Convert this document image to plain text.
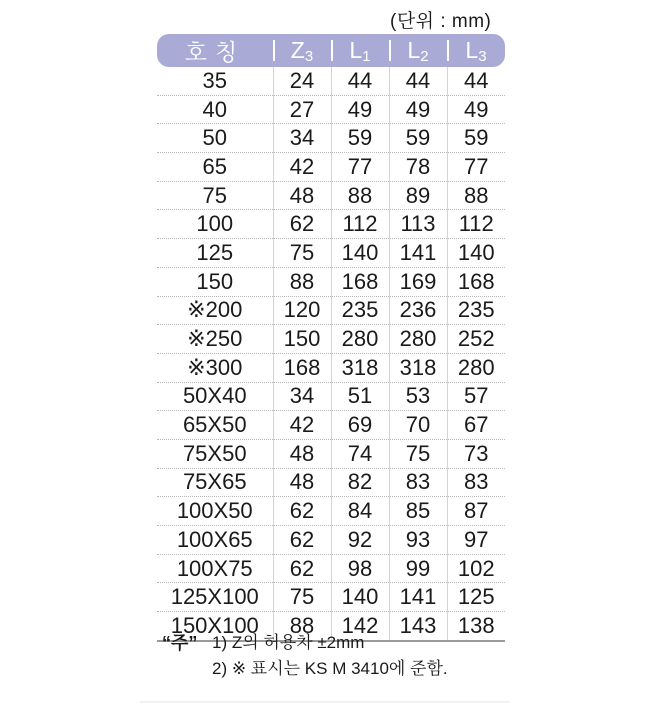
(단위 : mm)
호칭	$Z_3$	$L_1$	$L_2$	$L_3$
35	24	44	44	44
40	27	49	49	49
50	34	59	59	59
65	42	77	78	77
75	48	88	89	88
100	62	112	113	112
125	75	140	141	140
150	88	168	169	168
※200	120	235	236	235
※250	150	280	280	252
※300	168	318	318	280
50X40	34	51	53	57
65X50	42	69	70	67
75X50	48	74	75	73
75X65	48	82	83	83
100X50	62	84	85	87
100X65	62	92	93	97
100X75	62	98	99	102
125X100	75	140	141	125
150X100	88	142	143	138
“주” 1) Z의 허용차 ±2mm
2) ※ 표시는 KS M 3410에 준함.
